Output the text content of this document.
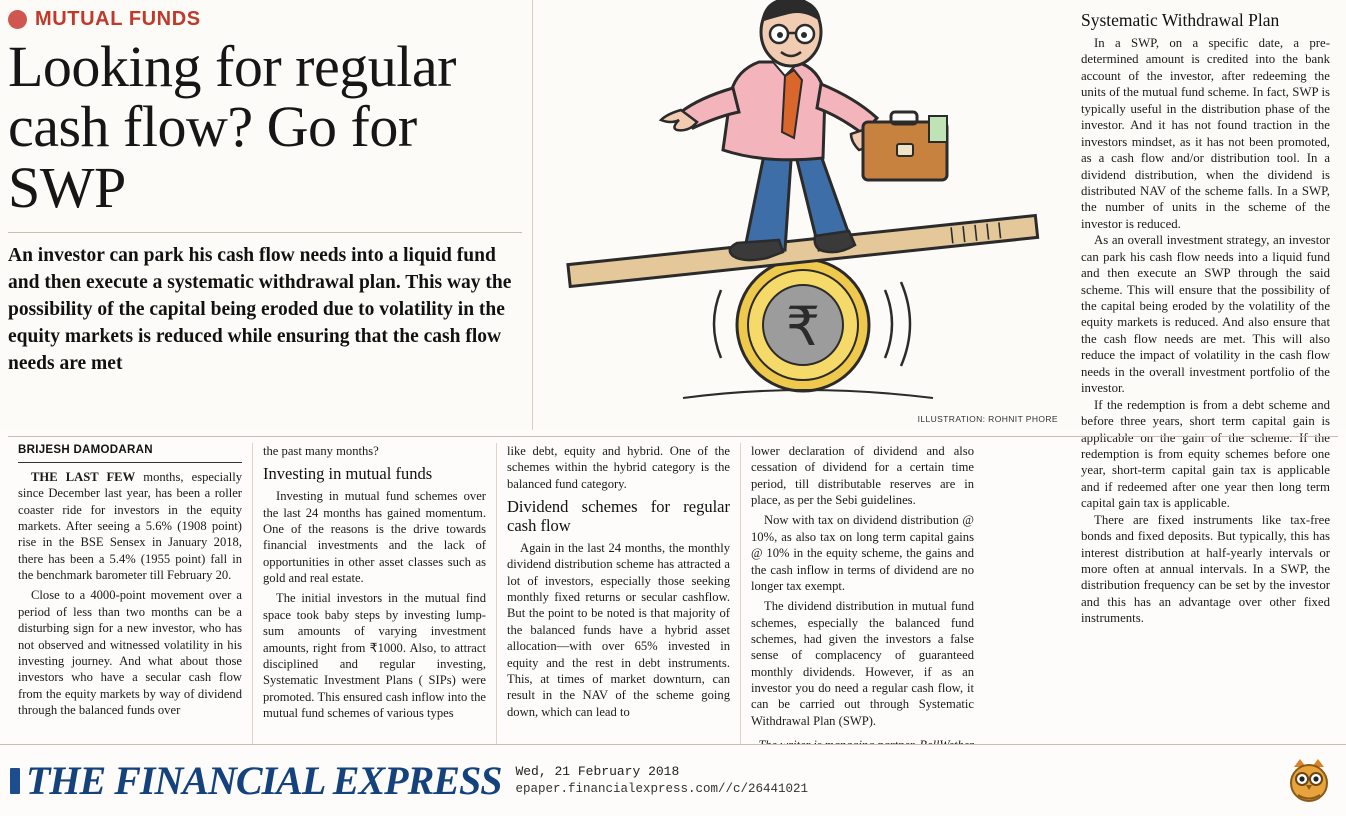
MUTUAL FUNDS
Looking for regular cash flow? Go for SWP
An investor can park his cash flow needs into a liquid fund and then execute a systematic withdrawal plan. This way the possibility of the capital being eroded due to volatility in the equity markets is reduced while ensuring that the cash flow needs are met
₹
ILLUSTRATION: ROHNIT PHORE
Systematic Withdrawal Plan

In a SWP, on a specific date, a pre-determined amount is credited into the bank account of the investor, after redeeming the units of the mutual fund scheme. In fact, SWP is typically useful in the distribution phase of the investor. And it has not found traction in the investors mindset, as it has not been promoted, as a cash flow and/or distribution tool. In a dividend distribution, when the dividend is distributed NAV of the scheme falls. In a SWP, the number of units in the scheme of the investor is reduced.

As an overall investment strategy, an investor can park his cash flow needs into a liquid fund and then execute an SWP through the said scheme. This will ensure that the possibility of the capital being eroded by the volatility of the equity markets is reduced. And also ensure that the cash flow needs are met. This will also reduce the impact of volatility in the cash flow needs in the overall investment portfolio of the investor.

If the redemption is from a debt scheme and before three years, short term capital gain is applicable on the gain of the scheme. If the redemption is from equity schemes before one year, short-term capital gain tax is applicable and if redeemed after one year then long term capital gain tax is applicable.

There are fixed instruments like tax-free bonds and fixed deposits. But typically, this has interest distribution at half-yearly intervals or more often at annual intervals. In a SWP, the distribution frequency can be set by the investor and this has an advantage over other fixed instruments.

BRIJESH DAMODARAN

THE LAST FEW months, especially since December last year, has been a roller coaster ride for investors in the equity markets. After seeing a 5.6% (1908 point) rise in the BSE Sensex in January 2018, there has been a 5.4% (1955 point) fall in the benchmark barometer till February 20.

Close to a 4000-point movement over a period of less than two months can be a disturbing sign for a new investor, who has not observed and witnessed volatility in his investing journey. And what about those investors who have a secular cash flow from the equity markets by way of dividend through the balanced funds over

the past many months?

Investing in mutual funds

Investing in mutual fund schemes over the last 24 months has gained momentum. One of the reasons is the drive towards financial investments and the lack of opportunities in other asset classes such as gold and real estate.

The initial investors in the mutual find space took baby steps by investing lump-sum amounts of varying investment amounts, right from ₹1000. Also, to attract disciplined and regular investing, Systematic Investment Plans ( SIPs) were promoted. This ensured cash inflow into the mutual fund schemes of various types

like debt, equity and hybrid. One of the schemes within the hybrid category is the balanced fund category.

Dividend schemes for regular cash flow

Again in the last 24 months, the monthly dividend distribution scheme has attracted a lot of investors, especially those seeking monthly fixed returns or secular cashflow. But the point to be noted is that majority of the balanced funds have a hybrid asset allocation—with over 65% invested in equity and the rest in debt instruments. This, at times of market downturn, can result in the NAV of the scheme going down, which can lead to

lower declaration of dividend and also cessation of dividend for a certain time period, till distributable reserves are in place, as per the Sebi guidelines.

Now with tax on dividend distribution @ 10%, as also tax on long term capital gains @ 10% in the equity scheme, the gains and the cash inflow in terms of dividend are no longer tax exempt.

The dividend distribution in mutual fund schemes, especially the balanced fund schemes, had given the investors a false sense of complacency of guaranteed monthly dividends. However, if as an investor you do need a regular cash flow, it can be carried out through Systematic Withdrawal Plan (SWP).

THE FINANCIAL EXPRESS Wed, 21 February 2018
epaper.financialexpress.com//c/26441021
